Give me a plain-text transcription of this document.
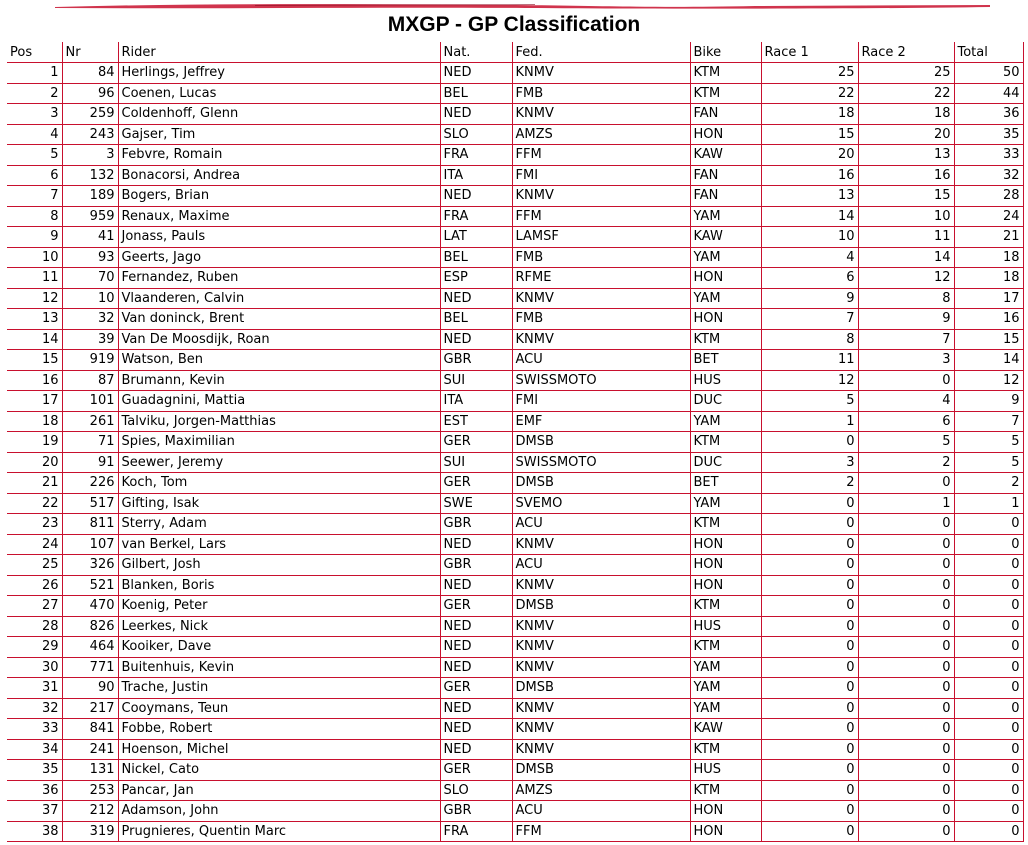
MXGP - GP Classification
Pos	Nr	Rider	Nat.	Fed.	Bike	Race 1	Race 2	Total
1	84	Herlings, Jeffrey	NED	KNMV	KTM	25	25	50
2	96	Coenen, Lucas	BEL	FMB	KTM	22	22	44
3	259	Coldenhoff, Glenn	NED	KNMV	FAN	18	18	36
4	243	Gajser, Tim	SLO	AMZS	HON	15	20	35
5	3	Febvre, Romain	FRA	FFM	KAW	20	13	33
6	132	Bonacorsi, Andrea	ITA	FMI	FAN	16	16	32
7	189	Bogers, Brian	NED	KNMV	FAN	13	15	28
8	959	Renaux, Maxime	FRA	FFM	YAM	14	10	24
9	41	Jonass, Pauls	LAT	LAMSF	KAW	10	11	21
10	93	Geerts, Jago	BEL	FMB	YAM	4	14	18
11	70	Fernandez, Ruben	ESP	RFME	HON	6	12	18
12	10	Vlaanderen, Calvin	NED	KNMV	YAM	9	8	17
13	32	Van doninck, Brent	BEL	FMB	HON	7	9	16
14	39	Van De Moosdijk, Roan	NED	KNMV	KTM	8	7	15
15	919	Watson, Ben	GBR	ACU	BET	11	3	14
16	87	Brumann, Kevin	SUI	SWISSMOTO	HUS	12	0	12
17	101	Guadagnini, Mattia	ITA	FMI	DUC	5	4	9
18	261	Talviku, Jorgen-Matthias	EST	EMF	YAM	1	6	7
19	71	Spies, Maximilian	GER	DMSB	KTM	0	5	5
20	91	Seewer, Jeremy	SUI	SWISSMOTO	DUC	3	2	5
21	226	Koch, Tom	GER	DMSB	BET	2	0	2
22	517	Gifting, Isak	SWE	SVEMO	YAM	0	1	1
23	811	Sterry, Adam	GBR	ACU	KTM	0	0	0
24	107	van Berkel, Lars	NED	KNMV	HON	0	0	0
25	326	Gilbert, Josh	GBR	ACU	HON	0	0	0
26	521	Blanken, Boris	NED	KNMV	HON	0	0	0
27	470	Koenig, Peter	GER	DMSB	KTM	0	0	0
28	826	Leerkes, Nick	NED	KNMV	HUS	0	0	0
29	464	Kooiker, Dave	NED	KNMV	KTM	0	0	0
30	771	Buitenhuis, Kevin	NED	KNMV	YAM	0	0	0
31	90	Trache, Justin	GER	DMSB	YAM	0	0	0
32	217	Cooymans, Teun	NED	KNMV	YAM	0	0	0
33	841	Fobbe, Robert	NED	KNMV	KAW	0	0	0
34	241	Hoenson, Michel	NED	KNMV	KTM	0	0	0
35	131	Nickel, Cato	GER	DMSB	HUS	0	0	0
36	253	Pancar, Jan	SLO	AMZS	KTM	0	0	0
37	212	Adamson, John	GBR	ACU	HON	0	0	0
38	319	Prugnieres, Quentin Marc	FRA	FFM	HON	0	0	0
